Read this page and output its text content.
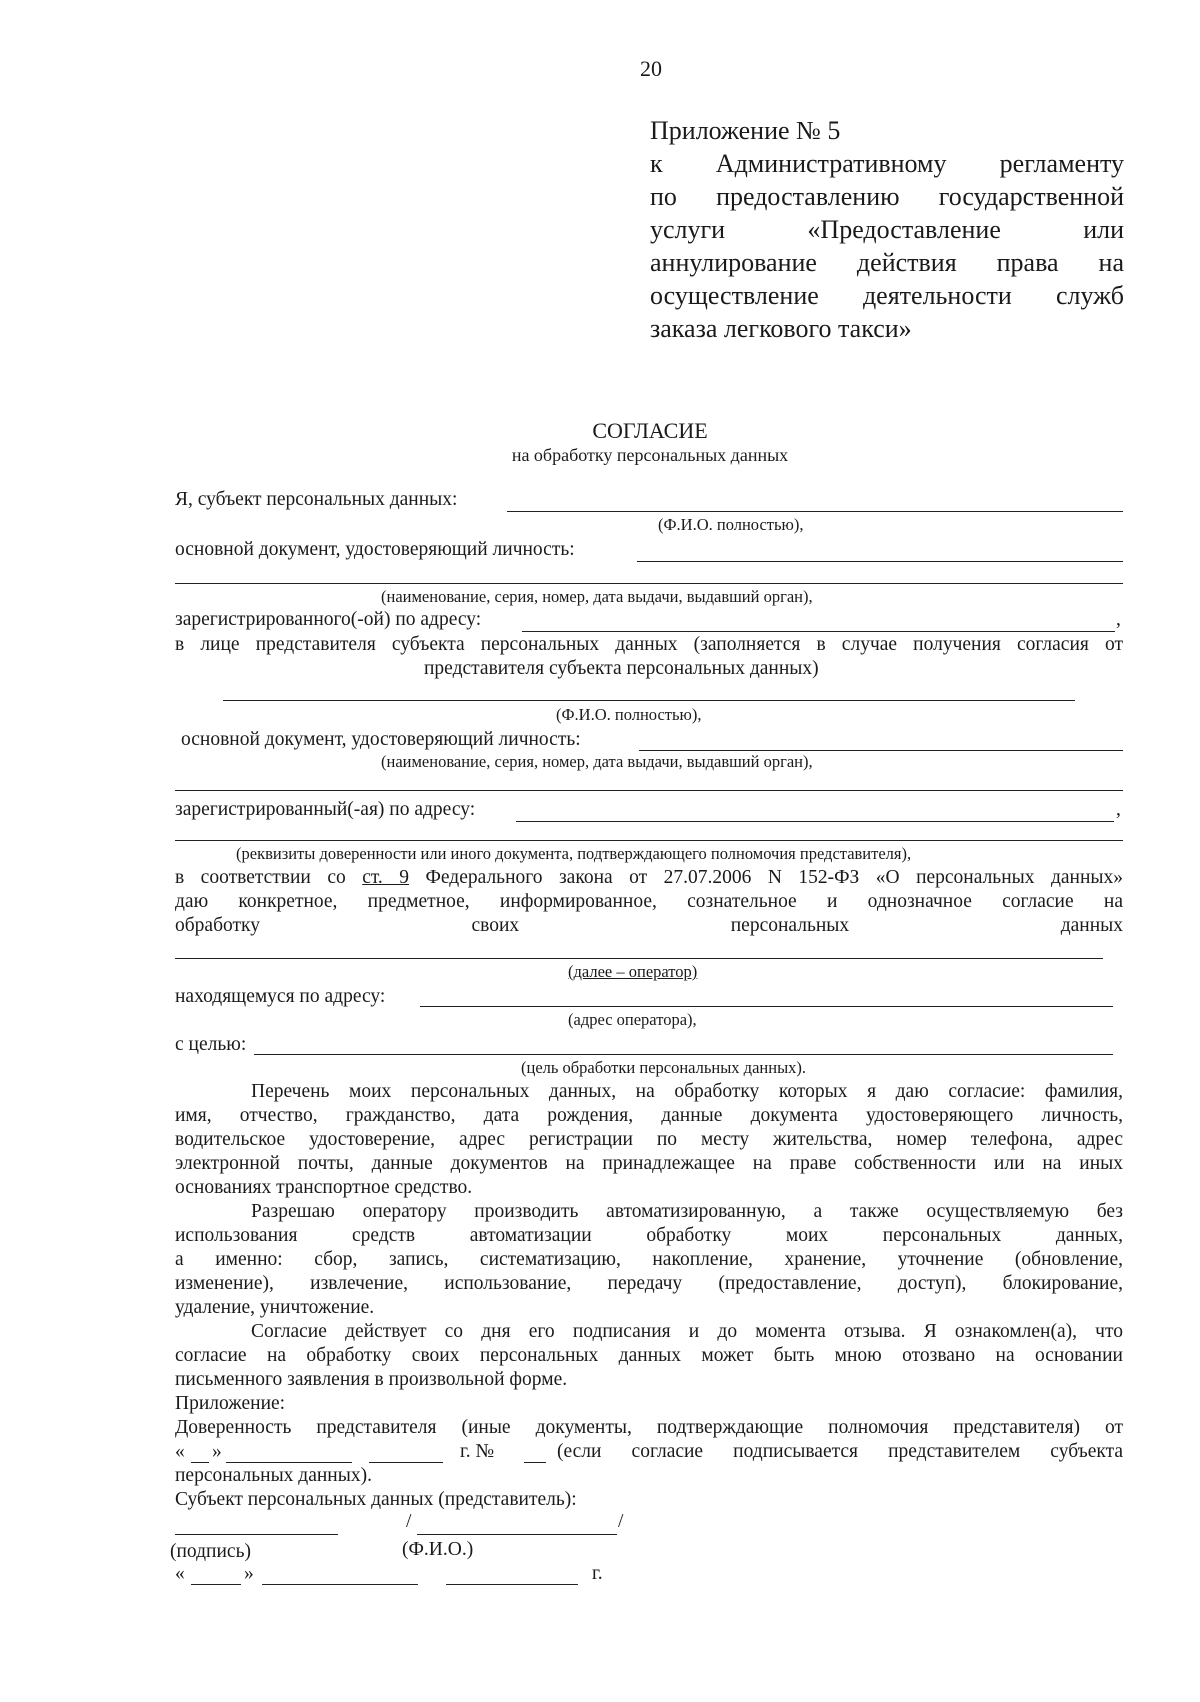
20
Приложение № 5
к Административному регламенту
по предоставлению государственной
услуги «Предоставление или
аннулирование действия права на
осуществление деятельности служб
заказа легкового такси»
СОГЛАСИЕ
на обработку персональных данных
Я, субъект персональных данных:
(Ф.И.О. полностью),
основной документ, удостоверяющий личность:
(наименование, серия, номер, дата выдачи, выдавший орган),
зарегистрированного(-ой) по адресу:	,
в лице представителя субъекта персональных данных (заполняется в случае получения согласия от
представителя субъекта персональных данных)
(Ф.И.О. полностью),
основной документ, удостоверяющий личность:
(наименование, серия, номер, дата выдачи, выдавший орган),
зарегистрированный(-ая) по адресу:	,
(реквизиты доверенности или иного документа, подтверждающего полномочия представителя),
в соответствии со ст. 9 Федерального закона от 27.07.2006 N 152-ФЗ «О персональных данных»
даю конкретное, предметное, информированное, сознательное и однозначное согласие на
обработку своих персональных данных
(далее – оператор)
находящемуся по адресу:
(адрес оператора),
с целью:
(цель обработки персональных данных).
Перечень моих персональных данных, на обработку которых я даю согласие: фамилия,
имя, отчество, гражданство, дата рождения, данные документа удостоверяющего личность,
водительское удостоверение, адрес регистрации по месту жительства, номер телефона, адрес
электронной почты, данные документов на принадлежащее на праве собственности или на иных
основаниях транспортное средство.
Разрешаю оператору производить автоматизированную, а также осуществляемую без
использования средств автоматизации обработку моих персональных данных,
а именно: сбор, запись, систематизацию, накопление, хранение, уточнение (обновление,
изменение), извлечение, использование, передачу (предоставление, доступ), блокирование,
удаление, уничтожение.
Согласие действует со дня его подписания и до момента отзыва. Я ознакомлен(а), что
согласие на обработку своих персональных данных может быть мною отозвано на основании
письменного заявления в произвольной форме.
Приложение:
Доверенность представителя (иные документы, подтверждающие полномочия представителя) от
« »	г. №	(если согласие подписывается представителем субъекта
персональных данных).
Субъект персональных данных (представитель):
/	/
(подпись)	(Ф.И.О.)
«	»	г.
